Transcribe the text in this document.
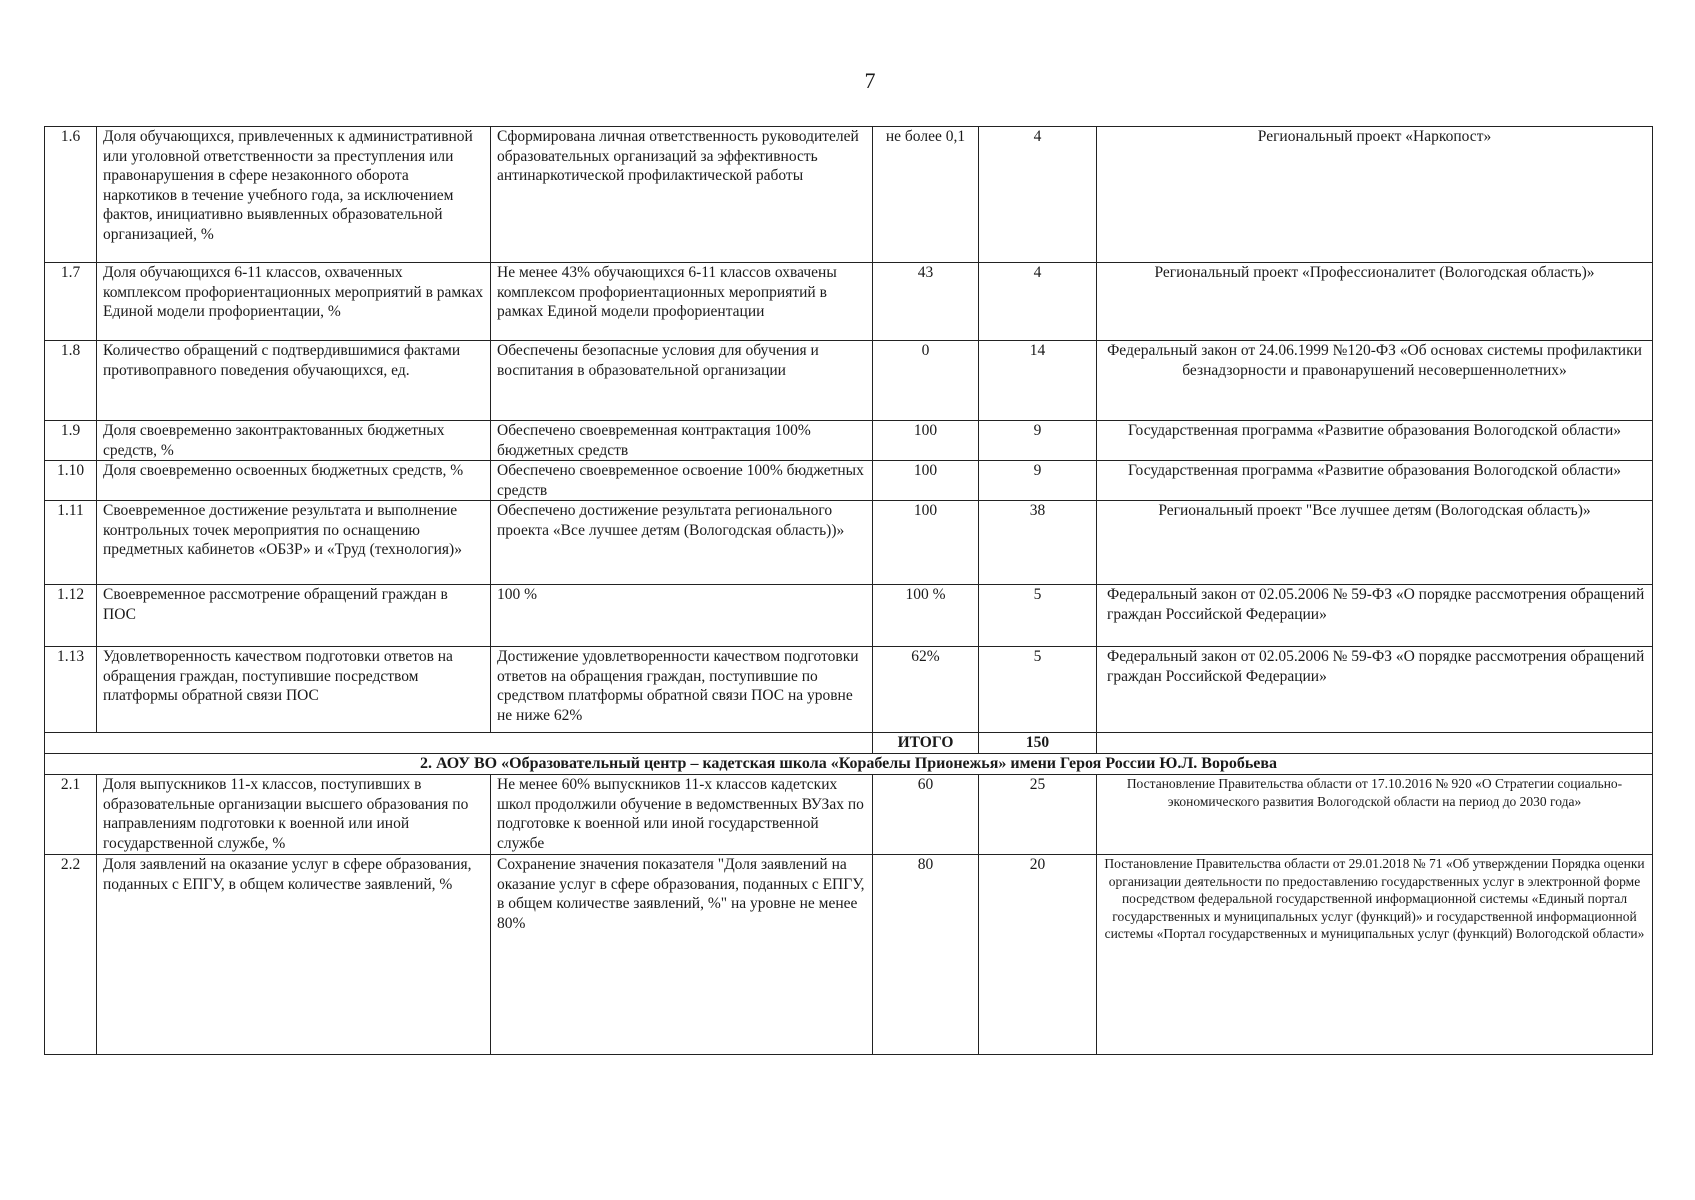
7
1.6	Доля обучающихся, привлеченных к административной или уголовной ответственности за преступления или правонарушения в сфере незаконного оборота наркотиков в течение учебного года, за исключением фактов, инициативно выявленных образовательной организацией, %	Сформирована личная ответственность руководителей образовательных организаций за эффективность антинаркотической профилактической работы	не более 0,1	4	Региональный проект «Наркопост»
1.7	Доля обучающихся 6-11 классов, охваченных комплексом профориентационных мероприятий в рамках Единой модели профориентации, %	Не менее 43% обучающихся 6-11 классов охвачены комплексом профориентационных мероприятий в рамках Единой модели профориентации	43	4	Региональный проект «Профессионалитет (Вологодская область)»
1.8	Количество обращений с подтвердившимися фактами противоправного поведения обучающихся, ед.	Обеспечены безопасные условия для обучения и воспитания в образовательной организации	0	14	Федеральный закон от 24.06.1999 №120-ФЗ «Об основах системы профилактики безнадзорности и правонарушений несовершеннолетних»
1.9	Доля своевременно законтрактованных бюджетных средств, %	Обеспечено своевременная контрактация 100% бюджетных средств	100	9	Государственная программа «Развитие образования Вологодской области»
1.10	Доля своевременно освоенных бюджетных средств, %	Обеспечено своевременное освоение 100% бюджетных средств	100	9	Государственная программа «Развитие образования Вологодской области»
1.11	Своевременное достижение результата и выполнение контрольных точек мероприятия по оснащению предметных кабинетов «ОБЗР» и «Труд (технология)»	Обеспечено достижение результата регионального проекта «Все лучшее детям (Вологодская область))»	100	38	Региональный проект "Все лучшее детям (Вологодская область)»
1.12	Своевременное рассмотрение обращений граждан в ПОС	100 %	100 %	5	Федеральный закон от 02.05.2006 № 59-ФЗ «О порядке рассмотрения обращений граждан Российской Федерации»
1.13	Удовлетворенность качеством подготовки ответов на обращения граждан, поступившие посредством платформы обратной связи ПОС	Достижение удовлетворенности качеством подготовки ответов на обращения граждан, поступившие по средством платформы обратной связи ПОС на уровне не ниже 62%	62%	5	Федеральный закон от 02.05.2006 № 59-ФЗ «О порядке рассмотрения обращений граждан Российской Федерации»
			ИТОГО	150	
2. АОУ ВО «Образовательный центр – кадетская школа «Корабелы Прионежья» имени Героя России Ю.Л. Воробьева					
2.1	Доля выпускников 11-х классов, поступивших в образовательные организации высшего образования по направлениям подготовки к военной или иной государственной службе, %	Не менее 60% выпускников 11-х классов кадетских школ продолжили обучение в ведомственных ВУЗах по подготовке к военной или иной государственной службе	60	25	Постановление Правительства области от 17.10.2016 № 920 «О Стратегии социально-экономического развития Вологодской области на период до 2030 года»
2.2	Доля заявлений на оказание услуг в сфере образования, поданных с ЕПГУ, в общем количестве заявлений, %	Сохранение значения показателя "Доля заявлений на оказание услуг в сфере образования, поданных с ЕПГУ, в общем количестве заявлений, %" на уровне не менее 80%	80	20	Постановление Правительства области от 29.01.2018 № 71 «Об утверждении Порядка оценки организации деятельности по предоставлению государственных услуг в электронной форме посредством федеральной государственной информационной системы «Единый портал государственных и муниципальных услуг (функций)» и государственной информационной системы «Портал государственных и муниципальных услуг (функций) Вологодской области»
